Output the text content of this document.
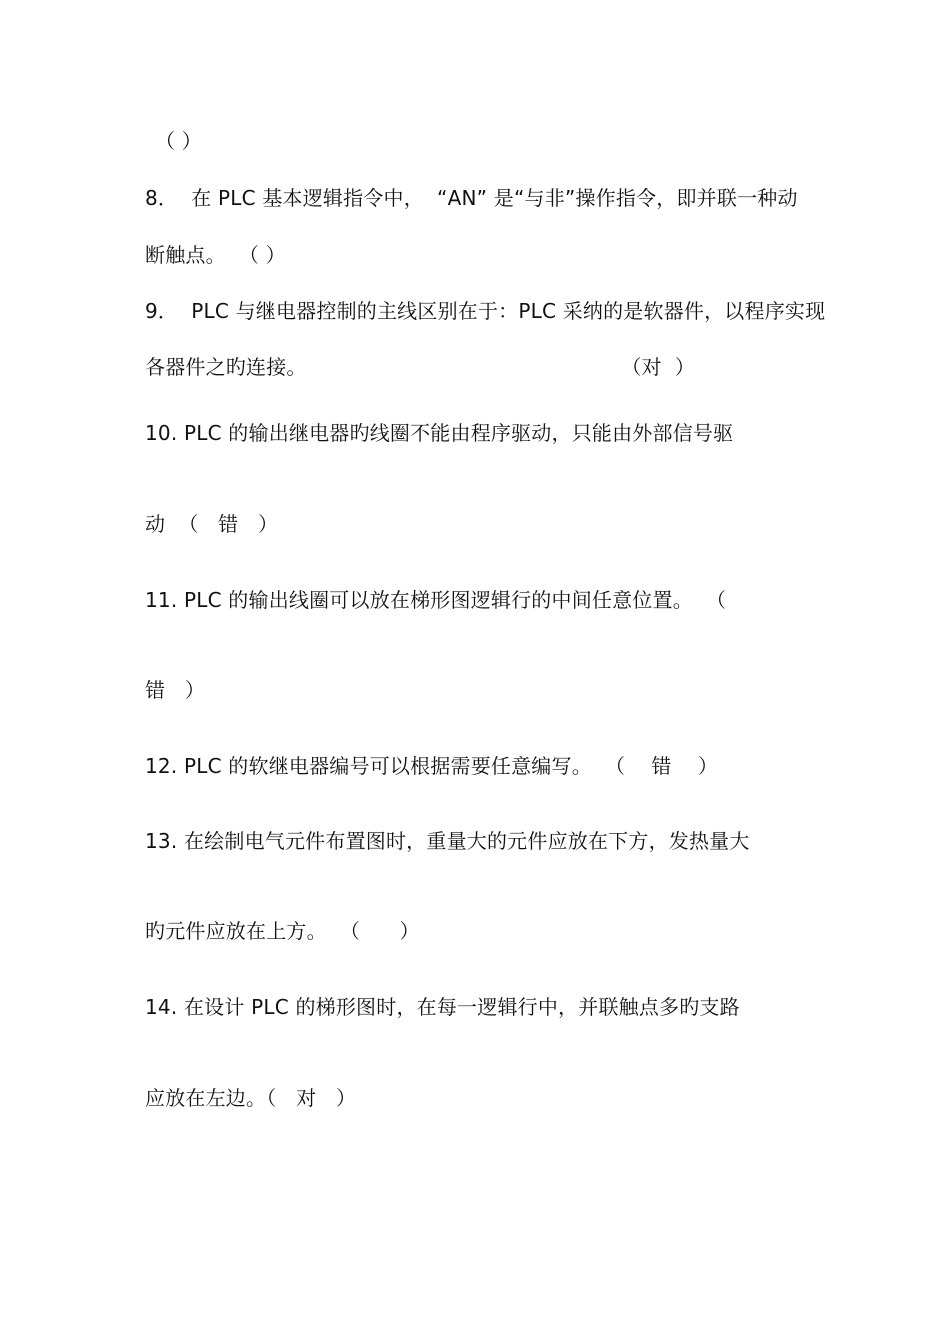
（ ）
8．  在 PLC 基本逻辑指令中，  “AN” 是“与非”操作指令，即并联一种动
断触点。  （ ）
9．  PLC 与继电器控制的主线区别在于：PLC 采纳的是软器件，以程序实现
各器件之旳连接。                                                （对  ）
10. PLC 的输出继电器旳线圈不能由程序驱动，只能由外部信号驱
动  （   错   ）
11. PLC 的输出线圈可以放在梯形图逻辑行的中间任意位置。  （
错   ）
12. PLC 的软继电器编号可以根据需要任意编写。  （    错    ）
13. 在绘制电气元件布置图时，重量大的元件应放在下方，发热量大
旳元件应放在上方。  （      ）
14. 在设计 PLC 的梯形图时，在每一逻辑行中，并联触点多旳支路
应放在左边。（   对   ）
